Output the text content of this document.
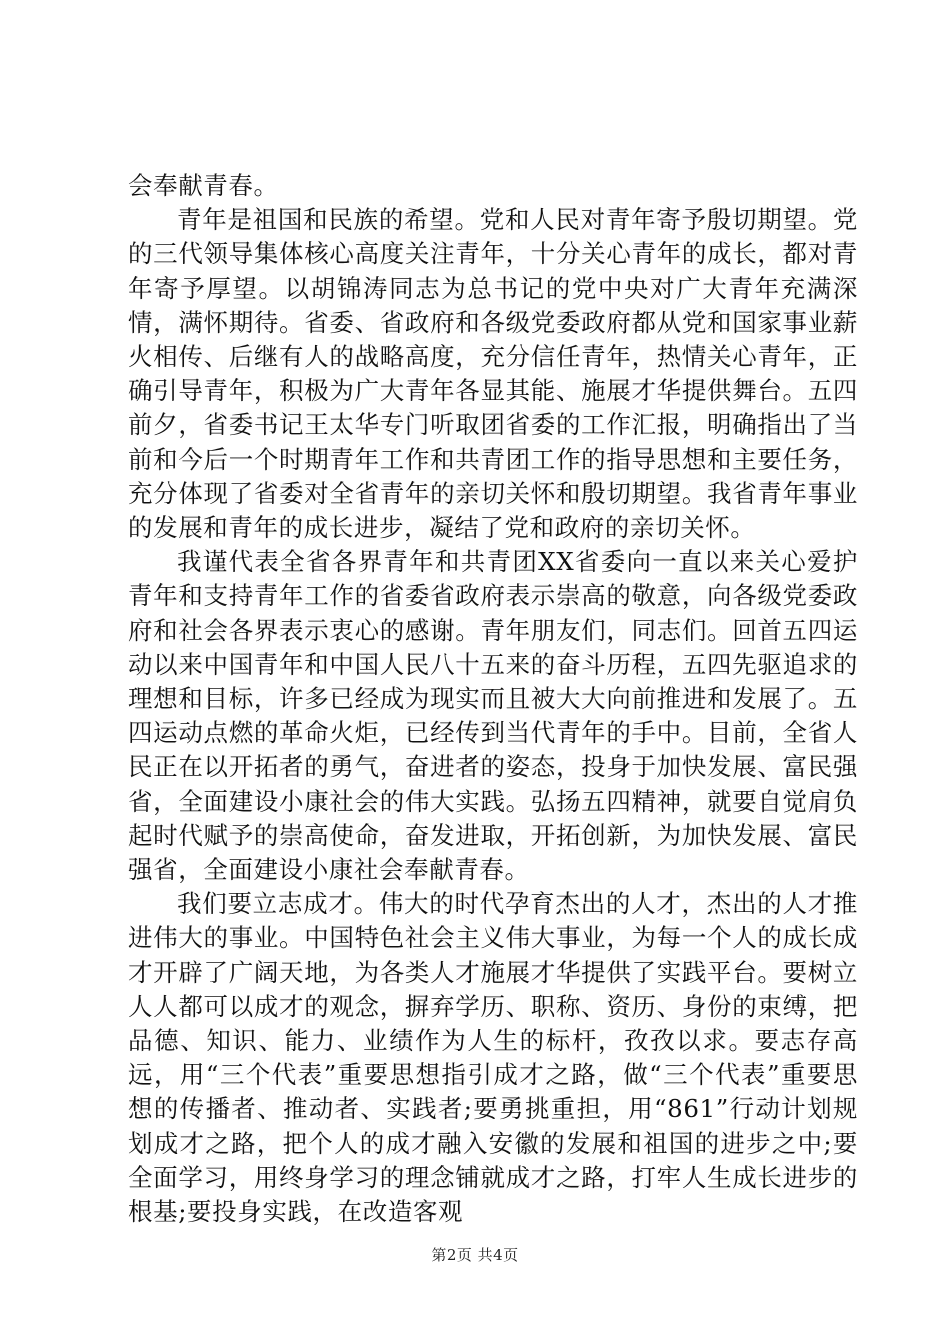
会奉献青春。

青年是祖国和民族的希望。党和人民对青年寄予殷切期望。党的三代领导集体核心高度关注青年，十分关心青年的成长，都对青年寄予厚望。以胡锦涛同志为总书记的党中央对广大青年充满深情，满怀期待。省委、省政府和各级党委政府都从党和国家事业薪火相传、后继有人的战略高度，充分信任青年，热情关心青年，正确引导青年，积极为广大青年各显其能、施展才华提供舞台。五四前夕，省委书记王太华专门听取团省委的工作汇报，明确指出了当前和今后一个时期青年工作和共青团工作的指导思想和主要任务，充分体现了省委对全省青年的亲切关怀和殷切期望。我省青年事业的发展和青年的成长进步，凝结了党和政府的亲切关怀。

我谨代表全省各界青年和共青团XX省委向一直以来关心爱护青年和支持青年工作的省委省政府表示崇高的敬意，向各级党委政府和社会各界表示衷心的感谢。青年朋友们，同志们。回首五四运动以来中国青年和中国人民八十五来的奋斗历程，五四先驱追求的理想和目标，许多已经成为现实而且被大大向前推进和发展了。五四运动点燃的革命火炬，已经传到当代青年的手中。目前，全省人民正在以开拓者的勇气，奋进者的姿态，投身于加快发展、富民强省，全面建设小康社会的伟大实践。弘扬五四精神，就要自觉肩负起时代赋予的崇高使命，奋发进取，开拓创新，为加快发展、富民强省，全面建设小康社会奉献青春。

我们要立志成才。伟大的时代孕育杰出的人才，杰出的人才推进伟大的事业。中国特色社会主义伟大事业，为每一个人的成长成才开辟了广阔天地，为各类人才施展才华提供了实践平台。要树立人人都可以成才的观念，摒弃学历、职称、资历、身份的束缚，把品德、知识、能力、业绩作为人生的标杆，孜孜以求。要志存高远，用“三个代表”重要思想指引成才之路，做“三个代表”重要思想的传播者、推动者、实践者;要勇挑重担，用“861”行动计划规划成才之路，把个人的成才融入安徽的发展和祖国的进步之中;要全面学习，用终身学习的理念铺就成才之路，打牢人生成长进步的根基;要投身实践，在改造客观

第2页 共4页
